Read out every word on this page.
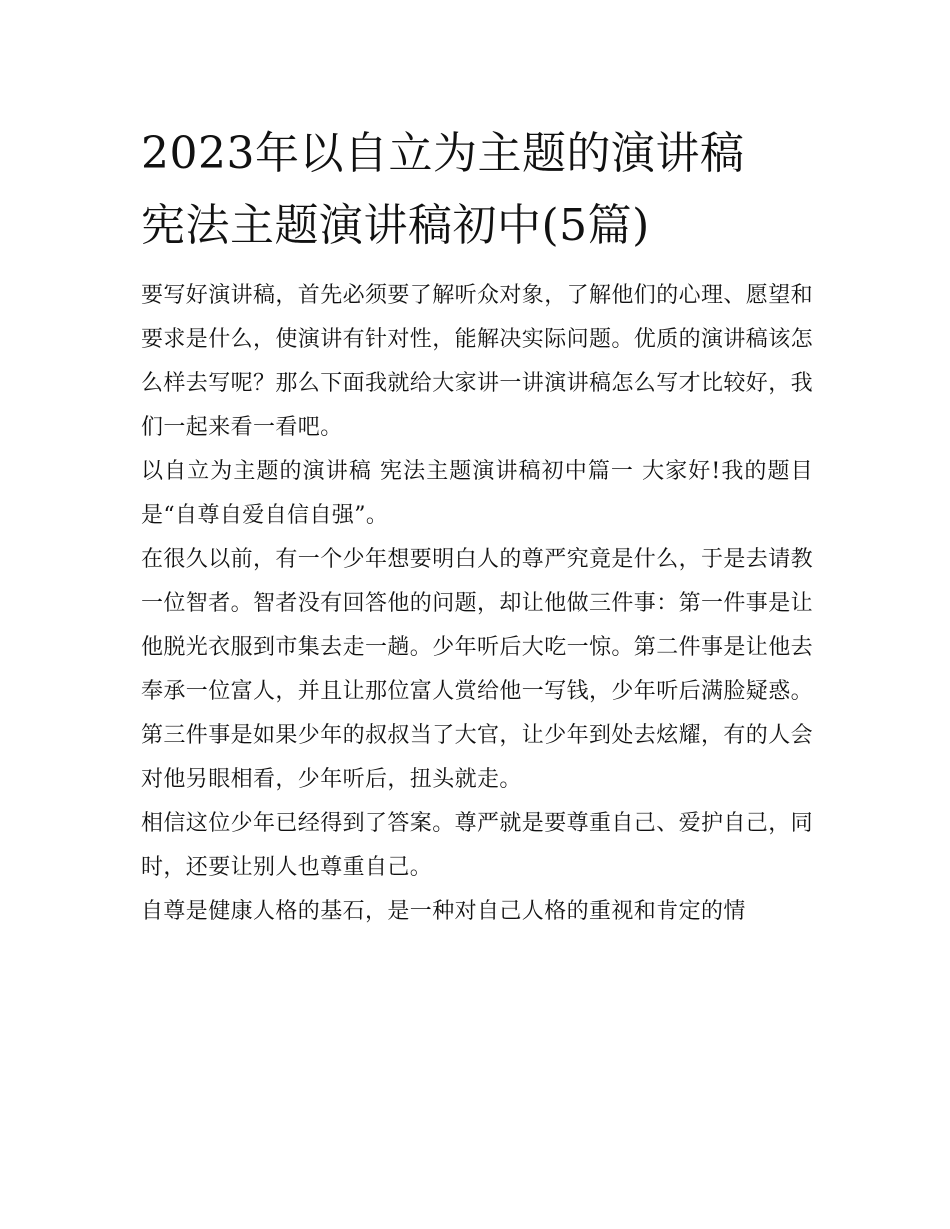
2023年以自立为主题的演讲稿
宪法主题演讲稿初中(5篇)

要写好演讲稿，首先必须要了解听众对象，了解他们的心理、愿望和要求是什么，使演讲有针对性，能解决实际问题。优质的演讲稿该怎么样去写呢？那么下面我就给大家讲一讲演讲稿怎么写才比较好，我们一起来看一看吧。

以自立为主题的演讲稿 宪法主题演讲稿初中篇一 大家好!我的题目是“自尊自爱自信自强”。

在很久以前，有一个少年想要明白人的尊严究竟是什么，于是去请教一位智者。智者没有回答他的问题，却让他做三件事：第一件事是让他脱光衣服到市集去走一趟。少年听后大吃一惊。第二件事是让他去奉承一位富人，并且让那位富人赏给他一写钱，少年听后满脸疑惑。第三件事是如果少年的叔叔当了大官，让少年到处去炫耀，有的人会对他另眼相看，少年听后，扭头就走。

相信这位少年已经得到了答案。尊严就是要尊重自己、爱护自己，同时，还要让别人也尊重自己。

自尊是健康人格的基石，是一种对自己人格的重视和肯定的情
